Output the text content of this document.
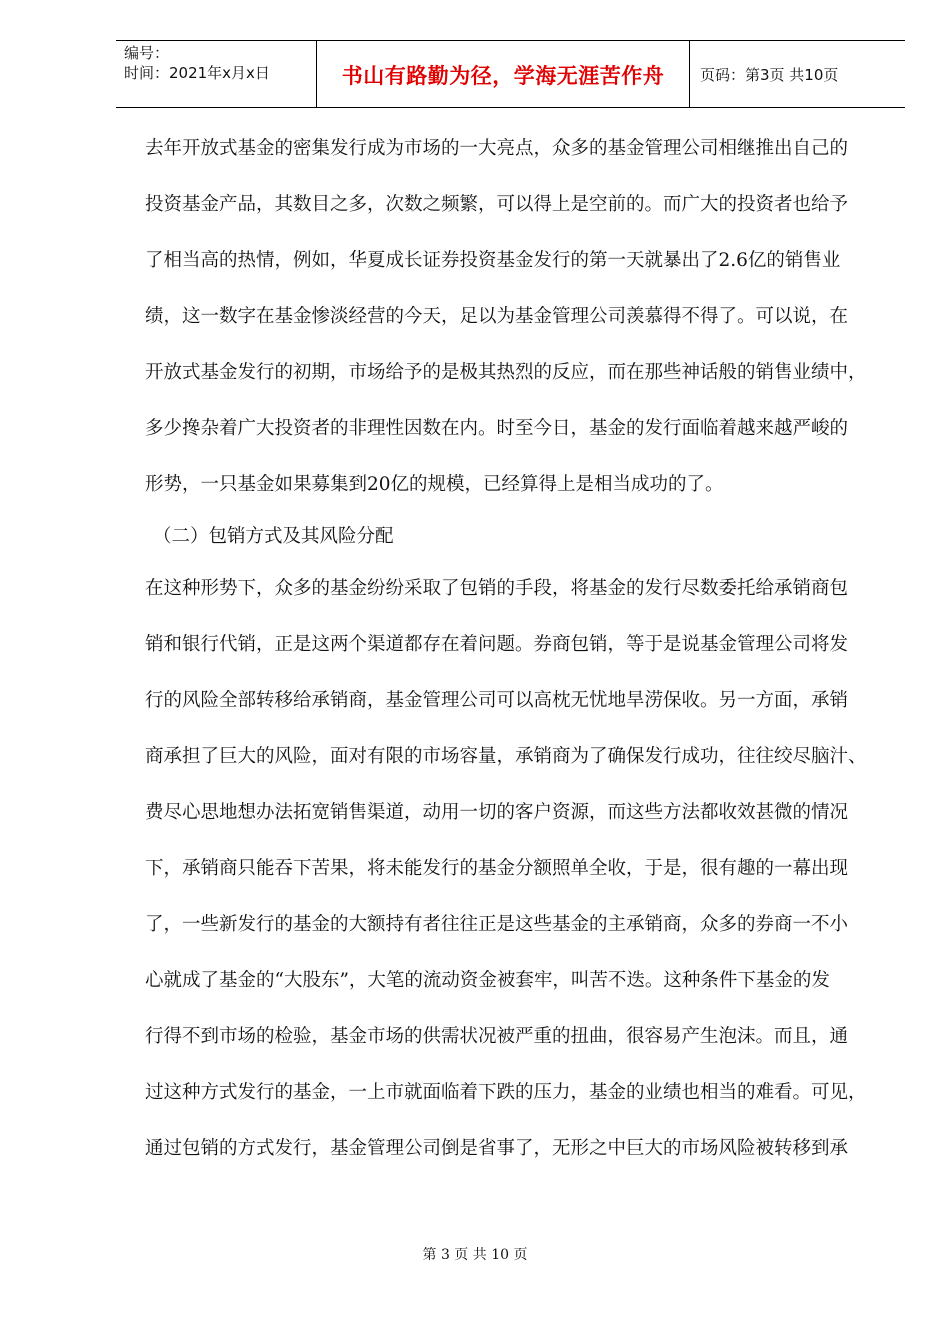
编号：
时间：2021年x月x日	书山有路勤为径，学海无涯苦作舟	页码：第3页 共10页
去年开放式基金的密集发行成为市场的一大亮点，众多的基金管理公司相继推出自己的
投资基金产品，其数目之多，次数之频繁，可以得上是空前的。而广大的投资者也给予
了相当高的热情，例如，华夏成长证券投资基金发行的第一天就暴出了2.6亿的销售业
绩，这一数字在基金惨淡经营的今天，足以为基金管理公司羡慕得不得了。可以说，在
开放式基金发行的初期，市场给予的是极其热烈的反应，而在那些神话般的销售业绩中，
多少搀杂着广大投资者的非理性因数在内。时至今日，基金的发行面临着越来越严峻的
形势，一只基金如果募集到20亿的规模，已经算得上是相当成功的了。
（二）包销方式及其风险分配
在这种形势下，众多的基金纷纷采取了包销的手段，将基金的发行尽数委托给承销商包
销和银行代销，正是这两个渠道都存在着问题。券商包销，等于是说基金管理公司将发
行的风险全部转移给承销商，基金管理公司可以高枕无忧地旱涝保收。另一方面，承销
商承担了巨大的风险，面对有限的市场容量，承销商为了确保发行成功，往往绞尽脑汁、
费尽心思地想办法拓宽销售渠道，动用一切的客户资源，而这些方法都收效甚微的情况
下，承销商只能吞下苦果，将未能发行的基金分额照单全收，于是，很有趣的一幕出现
了，一些新发行的基金的大额持有者往往正是这些基金的主承销商，众多的券商一不小
心就成了基金的“大股东”，大笔的流动资金被套牢，叫苦不迭。这种条件下基金的发
行得不到市场的检验，基金市场的供需状况被严重的扭曲，很容易产生泡沫。而且，通
过这种方式发行的基金，一上市就面临着下跌的压力，基金的业绩也相当的难看。可见，
通过包销的方式发行，基金管理公司倒是省事了，无形之中巨大的市场风险被转移到承
第 3 页 共 10 页
